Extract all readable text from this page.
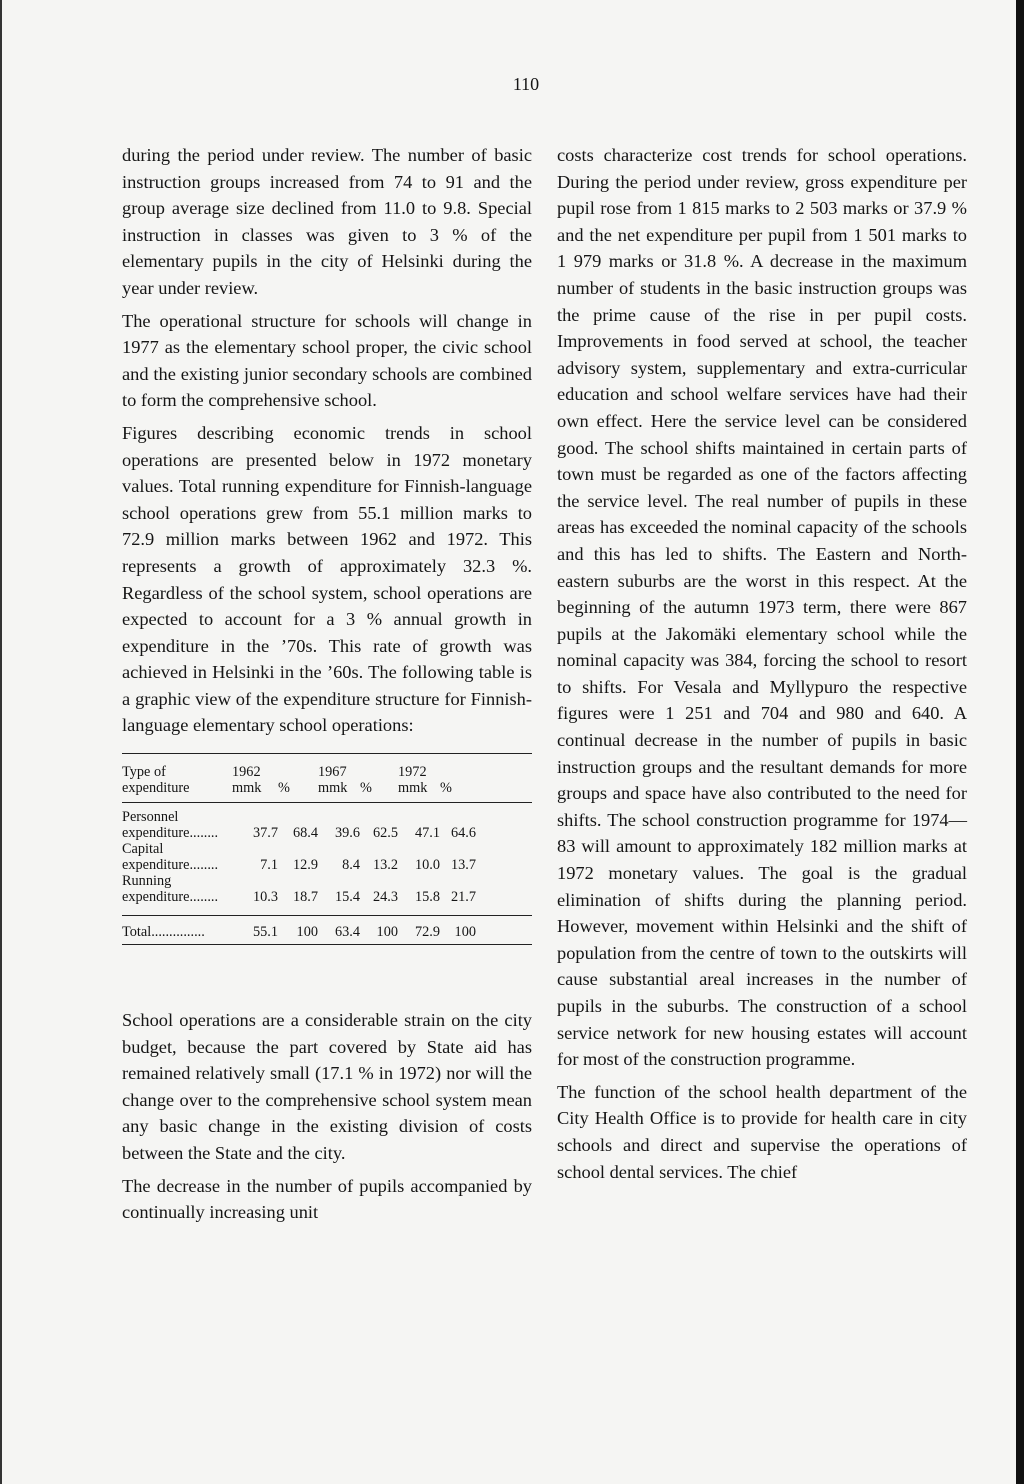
110

during the period under review. The number of basic instruction groups increased from 74 to 91 and the group average size declined from 11.0 to 9.8. Special instruction in classes was given to 3 % of the elementary pupils in the city of Helsinki during the year under review.

The operational structure for schools will change in 1977 as the elementary school proper, the civic school and the existing junior secondary schools are combined to form the comprehensive school.

Figures describing economic trends in school operations are presented below in 1972 monetary values. Total running expenditure for Finnish-language school operations grew from 55.1 million marks to 72.9 million marks between 1962 and 1972. This represents a growth of approximately 32.3 %. Regardless of the school system, school operations are expected to account for a 3 % annual growth in expenditure in the ’70s. This rate of growth was achieved in Helsinki in the ’60s. The following table is a graphic view of the expenditure structure for Finnish-language elementary school operations:

Type of	1962		1967		1972		
expenditure	mmk	%	mmk	%	mmk	%	

Personnel							
expenditure ........	37.7	68.4	39.6	62.5	47.1	64.6	
Capital							
expenditure ........	7.1	12.9	8.4	13.2	10.0	13.7	
Running							
expenditure ........	10.3	18.7	15.4	24.3	15.8	21.7	

Total .....	55.1	100	63.4	100	72.9	100	

School operations are a considerable strain on the city budget, because the part covered by State aid has remained relatively small (17.1 % in 1972) nor will the change over to the comprehensive school system mean any basic change in the existing division of costs between the State and the city.

The decrease in the number of pupils accompanied by continually increasing unit

costs characterize cost trends for school operations. During the period under review, gross expenditure per pupil rose from 1 815 marks to 2 503 marks or 37.9 % and the net expenditure per pupil from 1 501 marks to 1 979 marks or 31.8 %. A decrease in the maximum number of students in the basic instruction groups was the prime cause of the rise in per pupil costs. Improvements in food served at school, the teacher advisory system, supplementary and extra-curricular education and school welfare services have had their own effect. Here the service level can be considered good. The school shifts maintained in certain parts of town must be regarded as one of the factors affecting the service level. The real number of pupils in these areas has exceeded the nominal capacity of the schools and this has led to shifts. The Eastern and North-eastern suburbs are the worst in this respect. At the beginning of the autumn 1973 term, there were 867 pupils at the Jakomäki elementary school while the nominal capacity was 384, forcing the school to resort to shifts. For Vesala and Myllypuro the respective figures were 1 251 and 704 and 980 and 640. A continual decrease in the number of pupils in basic instruction groups and the resultant demands for more groups and space have also contributed to the need for shifts. The school construction programme for 1974—83 will amount to approximately 182 million marks at 1972 monetary values. The goal is the gradual elimination of shifts during the planning period. However, movement within Helsinki and the shift of population from the centre of town to the outskirts will cause substantial areal increases in the number of pupils in the suburbs. The construction of a school service network for new housing estates will account for most of the construction programme.

The function of the school health department of the City Health Office is to provide for health care in city schools and direct and supervise the operations of school dental services. The chief
